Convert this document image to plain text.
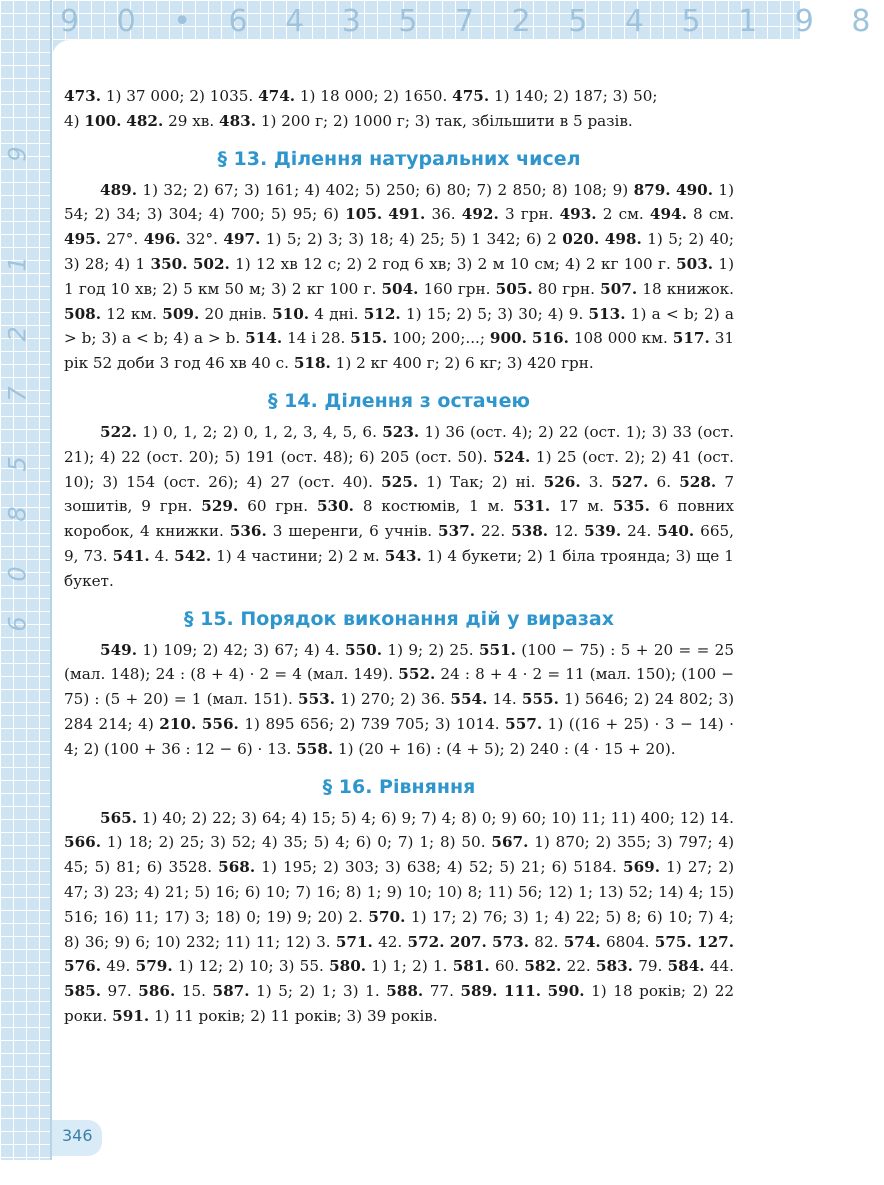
9 0 • 6 4 3 5 7 2 5 4 5 1 9 8
9
1
2
7
5
8
0
6

473. 1) 37 000; 2) 1035. 474. 1) 18 000; 2) 1650. 475. 1) 140; 2) 187; 3) 50;
4) 100. 482. 29 хв. 483. 1) 200 г; 2) 1000 г; 3) так, збільшити в 5 разів.

§ 13. Ділення натуральних чисел

489. 1) 32; 2) 67; 3) 161; 4) 402; 5) 250; 6) 80; 7) 2 850; 8) 108; 9) 879. 490. 1) 54; 2) 34; 3) 304; 4) 700; 5) 95; 6) 105. 491. 36. 492. 3 грн. 493. 2 см. 494. 8 см. 495. 27°. 496. 32°. 497. 1) 5; 2) 3; 3) 18; 4) 25; 5) 1 342; 6) 2 020. 498. 1) 5; 2) 40; 3) 28; 4) 1 350. 502. 1) 12 хв 12 с; 2) 2 год 6 хв; 3) 2 м 10 см; 4) 2 кг 100 г. 503. 1) 1 год 10 хв; 2) 5 км 50 м; 3) 2 кг 100 г. 504. 160 грн. 505. 80 грн. 507. 18 книжок. 508. 12 км. 509. 20 днів. 510. 4 дні. 512. 1) 15; 2) 5; 3) 30; 4) 9. 513. 1) a < b; 2) a > b; 3) a < b; 4) a > b. 514. 14 і 28. 515. 100; 200;...; 900. 516. 108 000 км. 517. 31 рік 52 доби 3 год 46 хв 40 с. 518. 1) 2 кг 400 г; 2) 6 кг; 3) 420 грн.

§ 14. Ділення з остачею

522. 1) 0, 1, 2; 2) 0, 1, 2, 3, 4, 5, 6. 523. 1) 36 (ост. 4); 2) 22 (ост. 1); 3) 33 (ост. 21); 4) 22 (ост. 20); 5) 191 (ост. 48); 6) 205 (ост. 50). 524. 1) 25 (ост. 2); 2) 41 (ост. 10); 3) 154 (ост. 26); 4) 27 (ост. 40). 525. 1) Так; 2) ні. 526. 3. 527. 6. 528. 7 зошитів, 9 грн. 529. 60 грн. 530. 8 костюмів, 1 м. 531. 17 м. 535. 6 повних коробок, 4 книжки. 536. 3 шеренги, 6 учнів. 537. 22. 538. 12. 539. 24. 540. 665, 9, 73. 541. 4. 542. 1) 4 частини; 2) 2 м. 543. 1) 4 букети; 2) 1 біла троянда; 3) ще 1 букет.

§ 15. Порядок виконання дій у виразах

549. 1) 109; 2) 42; 3) 67; 4) 4. 550. 1) 9; 2) 25. 551. (100 − 75) : 5 + 20 = = 25 (мал. 148); 24 : (8 + 4) · 2 = 4 (мал. 149). 552. 24 : 8 + 4 · 2 = 11 (мал. 150); (100 − 75) : (5 + 20) = 1 (мал. 151). 553. 1) 270; 2) 36. 554. 14. 555. 1) 5646; 2) 24 802; 3) 284 214; 4) 210. 556. 1) 895 656; 2) 739 705; 3) 1014. 557. 1) ((16 + 25) · 3 − 14) · 4; 2) (100 + 36 : 12 − 6) · 13. 558. 1) (20 + 16) : (4 + 5); 2) 240 : (4 · 15 + 20).

§ 16. Рівняння

565. 1) 40; 2) 22; 3) 64; 4) 15; 5) 4; 6) 9; 7) 4; 8) 0; 9) 60; 10) 11; 11) 400; 12) 14. 566. 1) 18; 2) 25; 3) 52; 4) 35; 5) 4; 6) 0; 7) 1; 8) 50. 567. 1) 870; 2) 355; 3) 797; 4) 45; 5) 81; 6) 3528. 568. 1) 195; 2) 303; 3) 638; 4) 52; 5) 21; 6) 5184. 569. 1) 27; 2) 47; 3) 23; 4) 21; 5) 16; 6) 10; 7) 16; 8) 1; 9) 10; 10) 8; 11) 56; 12) 1; 13) 52; 14) 4; 15) 516; 16) 11; 17) 3; 18) 0; 19) 9; 20) 2. 570. 1) 17; 2) 76; 3) 1; 4) 22; 5) 8; 6) 10; 7) 4; 8) 36; 9) 6; 10) 232; 11) 11; 12) 3. 571. 42. 572. 207. 573. 82. 574. 6804. 575. 127. 576. 49. 579. 1) 12; 2) 10; 3) 55. 580. 1) 1; 2) 1. 581. 60. 582. 22. 583. 79. 584. 44. 585. 97. 586. 15. 587. 1) 5; 2) 1; 3) 1. 588. 77. 589. 111. 590. 1) 18 років; 2) 22 роки. 591. 1) 11 років; 2) 11 років; 3) 39 років.

346
